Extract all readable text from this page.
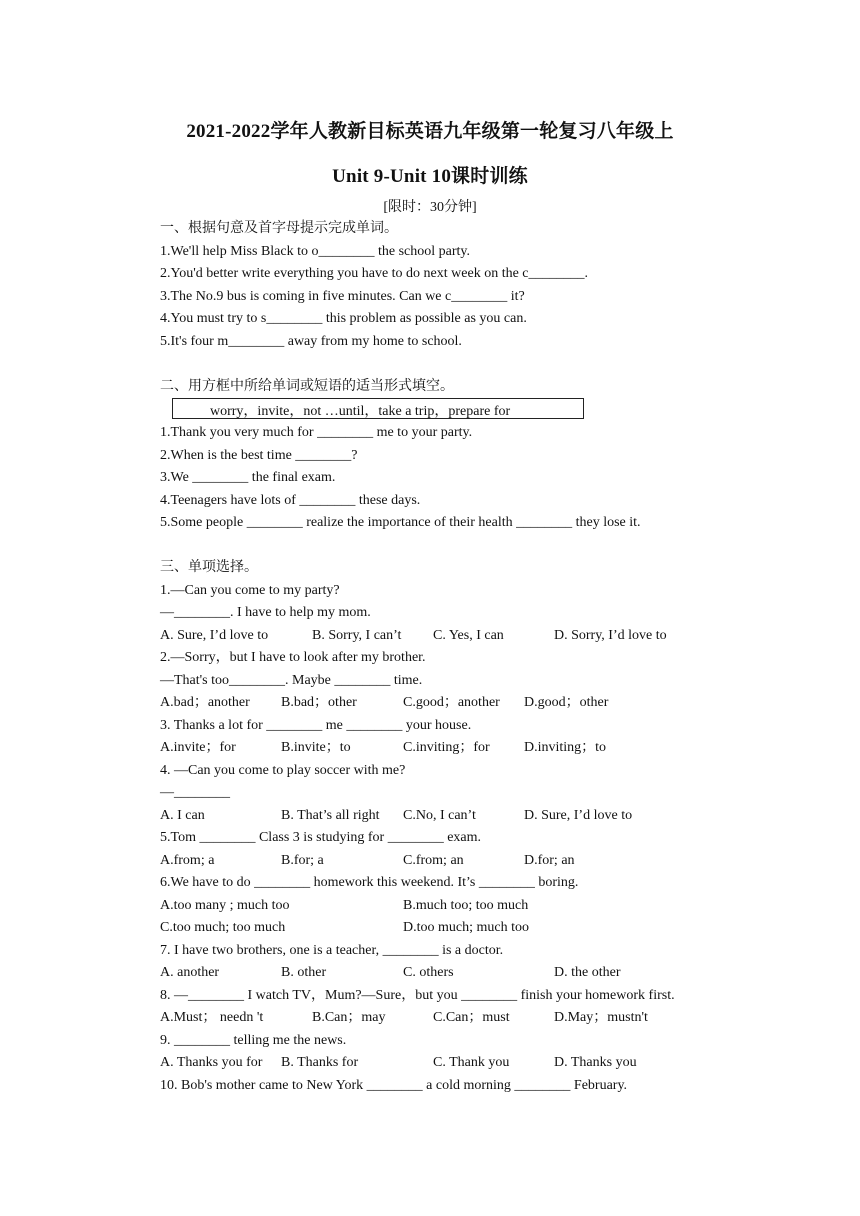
2021-2022学年人教新目标英语九年级第一轮复习八年级上
Unit 9-Unit 10课时训练
[限时：30分钟]
一、根据句意及首字母提示完成单词。
1.We'll help Miss Black to o________ the school party.
2.You'd better write everything you have to do next week on the c________.
3.The No.9 bus is coming in five minutes. Can we c________ it?
4.You must try to s________ this problem as possible as you can.
5.It's four m________ away from my home to school.
二、用方框中所给单词或短语的适当形式填空。
worry，invite，not …until，take a trip，prepare for
1.Thank you very much for ________ me to your party.
2.When is the best time ________?
3.We ________ the final exam.
4.Teenagers have lots of ________ these days.
5.Some people ________ realize the importance of their health ________ they lose it.
三、单项选择。
1.—Can you come to my party?
—________. I have to help my mom.
A. Sure, I’d love to	B. Sorry, I can’t C. Yes, I can	D. Sorry, I’d love to
2.—Sorry，but I have to look after my brother.
—That's too________. Maybe ________ time.
A.bad；another B.bad；other	C.good；another D.good；other
3. Thanks a lot for ________ me ________ your house.
A.invite；for	B.invite；to	C.inviting；for D.inviting；to
4. —Can you come to play soccer with me?
—________
A. I can	B. That’s all right C.No, I can’t	D. Sure, I’d love to
5.Tom ________ Class 3 is studying for ________ exam.
A.from; a	B.for; a	C.from; an	D.for; an
6.We have to do ________ homework this weekend. It’s ________ boring.
A.too many ; much too	B.much too; too much
C.too much; too much	D.too much; much too
7. I have two brothers, one is a teacher, ________ is a doctor.
A. another	B. other	C. others	D. the other
8. —________ I watch TV，Mum?—Sure，but you ________ finish your homework first.
A.Must； needn 't	B.Can；may	C.Can；must	D.May；mustn't
9. ________ telling me the news.
A. Thanks you for B. Thanks for	C. Thank you	D. Thanks you
10. Bob's mother came to New York ________ a cold morning ________ February.
